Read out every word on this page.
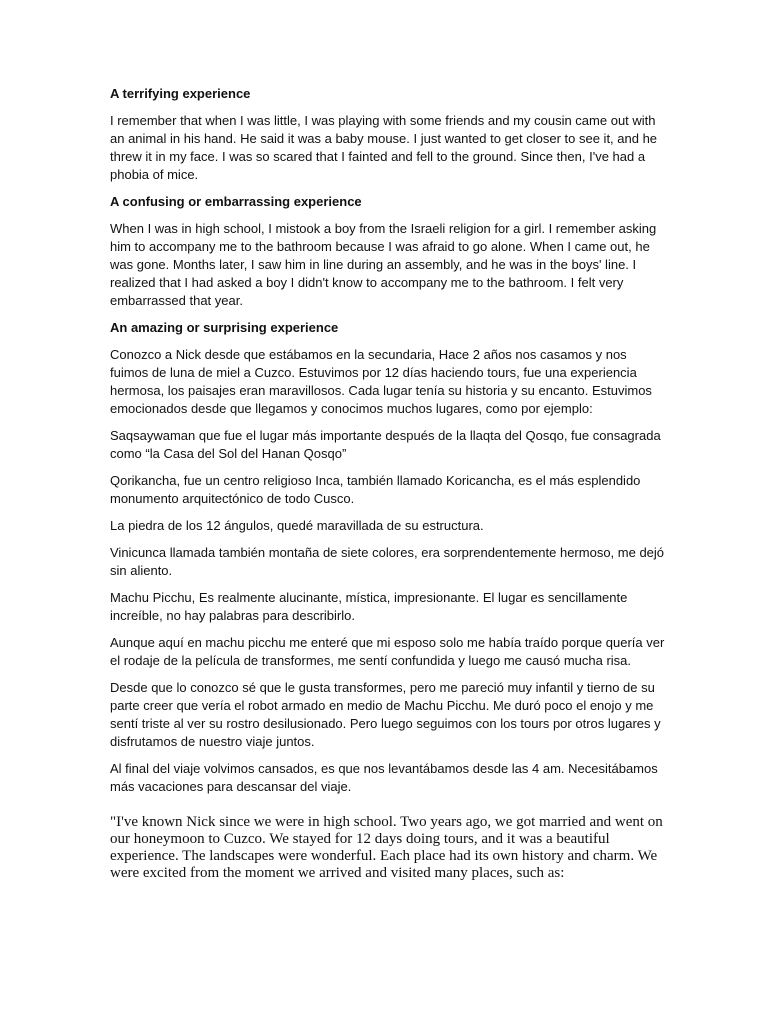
A terrifying experience

I remember that when I was little, I was playing with some friends and my cousin came out with an animal in his hand. He said it was a baby mouse. I just wanted to get closer to see it, and he threw it in my face. I was so scared that I fainted and fell to the ground. Since then, I've had a phobia of mice.

A confusing or embarrassing experience

When I was in high school, I mistook a boy from the Israeli religion for a girl. I remember asking him to accompany me to the bathroom because I was afraid to go alone. When I came out, he was gone. Months later, I saw him in line during an assembly, and he was in the boys' line. I realized that I had asked a boy I didn't know to accompany me to the bathroom. I felt very embarrassed that year.

An amazing or surprising experience

Conozco a Nick desde que estábamos en la secundaria, Hace 2 años nos casamos y nos fuimos de luna de miel a Cuzco. Estuvimos por 12 días haciendo tours, fue una experiencia hermosa, los paisajes eran maravillosos. Cada lugar tenía su historia y su encanto. Estuvimos emocionados desde que llegamos y conocimos muchos lugares, como por ejemplo:

Saqsaywaman que fue el lugar más importante después de la llaqta del Qosqo, fue consagrada como “la Casa del Sol del Hanan Qosqo”

Qorikancha, fue un centro religioso Inca, también llamado Koricancha, es el más esplendido monumento arquitectónico de todo Cusco.

La piedra de los 12 ángulos, quedé maravillada de su estructura.

Vinicunca llamada también montaña de siete colores, era sorprendentemente hermoso, me dejó sin aliento.

Machu Picchu, Es realmente alucinante, mística, impresionante. El lugar es sencillamente increíble, no hay palabras para describirlo.

Aunque aquí en machu picchu me enteré que mi esposo solo me había traído porque quería ver el rodaje de la película de transformes, me sentí confundida y luego me causó mucha risa.

Desde que lo conozco sé que le gusta transformes, pero me pareció muy infantil y tierno de su parte creer que vería el robot armado en medio de Machu Picchu. Me duró poco el enojo y me sentí triste al ver su rostro desilusionado. Pero luego seguimos con los tours por otros lugares y disfrutamos de nuestro viaje juntos.

Al final del viaje volvimos cansados, es que nos levantábamos desde las 4 am. Necesitábamos más vacaciones para descansar del viaje.

"I've known Nick since we were in high school. Two years ago, we got married and went on our honeymoon to Cuzco. We stayed for 12 days doing tours, and it was a beautiful experience. The landscapes were wonderful. Each place had its own history and charm. We were excited from the moment we arrived and visited many places, such as:
